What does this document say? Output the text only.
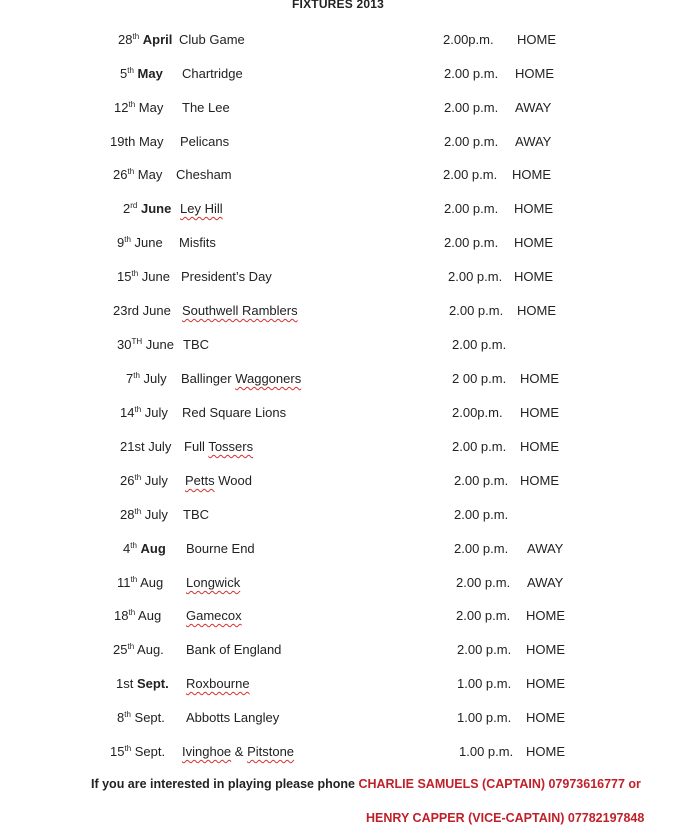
FIXTURES 2013
28th April Club Game	2.00p.m. HOME
5th May Chartridge	2.00 p.m. HOME
12th May The Lee	2.00 p.m. AWAY
19th May Pelicans	2.00 p.m. AWAY
26th May Chesham	2.00 p.m. HOME
2rd June Ley Hill	2.00 p.m. HOME
9th June Misfits	2.00 p.m. HOME
15th June President’s Day	2.00 p.m. HOME
23rd June Southwell Ramblers	2.00 p.m. HOME
30TH June TBC	2.00 p.m.
7th July Ballinger Waggoners	2 00 p.m. HOME
14th July Red Square Lions	2.00p.m. HOME
21st July Full Tossers	2.00 p.m. HOME
26th July Petts Wood	2.00 p.m. HOME
28th July TBC	2.00 p.m.
4th Aug Bourne End	2.00 p.m. AWAY
11th Aug Longwick	2.00 p.m. AWAY
18th Aug Gamecox	2.00 p.m. HOME
25th Aug. Bank of England	2.00 p.m. HOME
1st Sept. Roxbourne	1.00 p.m. HOME
8th Sept. Abbotts Langley	1.00 p.m. HOME
15th Sept. Ivinghoe & Pitstone	1.00 p.m. HOME
If you are interested in playing please phone CHARLIE SAMUELS (CAPTAIN) 07973616777 or
HENRY CAPPER (VICE-CAPTAIN) 07782197848
